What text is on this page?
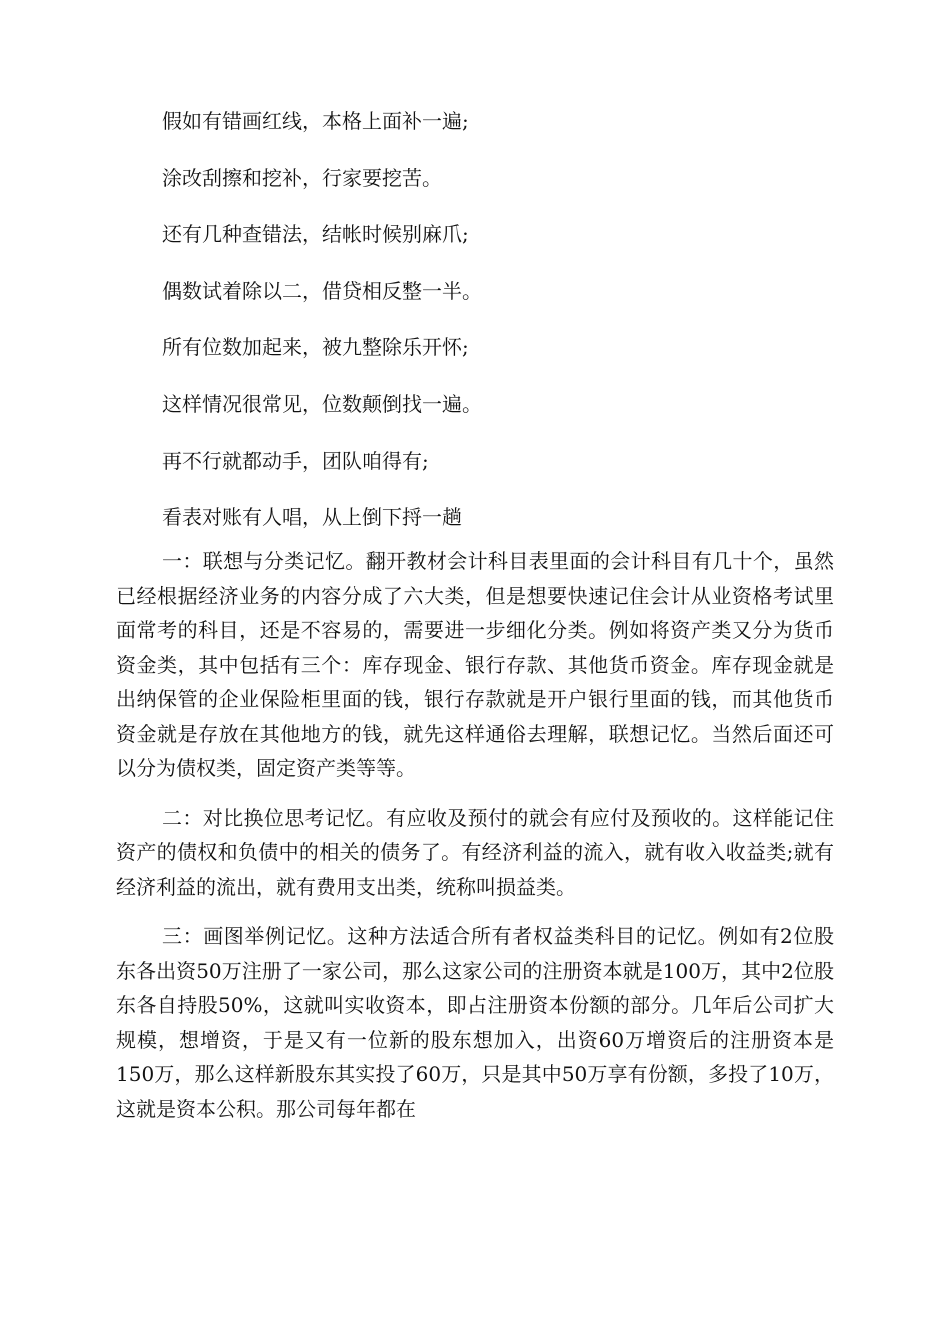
假如有错画红线，本格上面补一遍;

涂改刮擦和挖补，行家要挖苦。

还有几种查错法，结帐时候别麻爪;

偶数试着除以二，借贷相反整一半。

所有位数加起来，被九整除乐开怀;

这样情况很常见，位数颠倒找一遍。

再不行就都动手，团队咱得有;

看表对账有人唱，从上倒下捋一趟

一：联想与分类记忆。翻开教材会计科目表里面的会计科目有几十个，虽然已经根据经济业务的内容分成了六大类，但是想要快速记住会计从业资格考试里面常考的科目，还是不容易的，需要进一步细化分类。例如将资产类又分为货币资金类，其中包括有三个：库存现金、银行存款、其他货币资金。库存现金就是出纳保管的企业保险柜里面的钱，银行存款就是开户银行里面的钱，而其他货币资金就是存放在其他地方的钱，就先这样通俗去理解，联想记忆。当然后面还可以分为债权类，固定资产类等等。

二：对比换位思考记忆。有应收及预付的就会有应付及预收的。这样能记住资产的债权和负债中的相关的债务了。有经济利益的流入，就有收入收益类;就有经济利益的流出，就有费用支出类，统称叫损益类。

三：画图举例记忆。这种方法适合所有者权益类科目的记忆。例如有2位股东各出资50万注册了一家公司，那么这家公司的注册资本就是100万，其中2位股东各自持股50%，这就叫实收资本，即占注册资本份额的部分。几年后公司扩大规模，想增资，于是又有一位新的股东想加入，出资60万增资后的注册资本是150万，那么这样新股东其实投了60万，只是其中50万享有份额，多投了10万，这就是资本公积。那公司每年都在
